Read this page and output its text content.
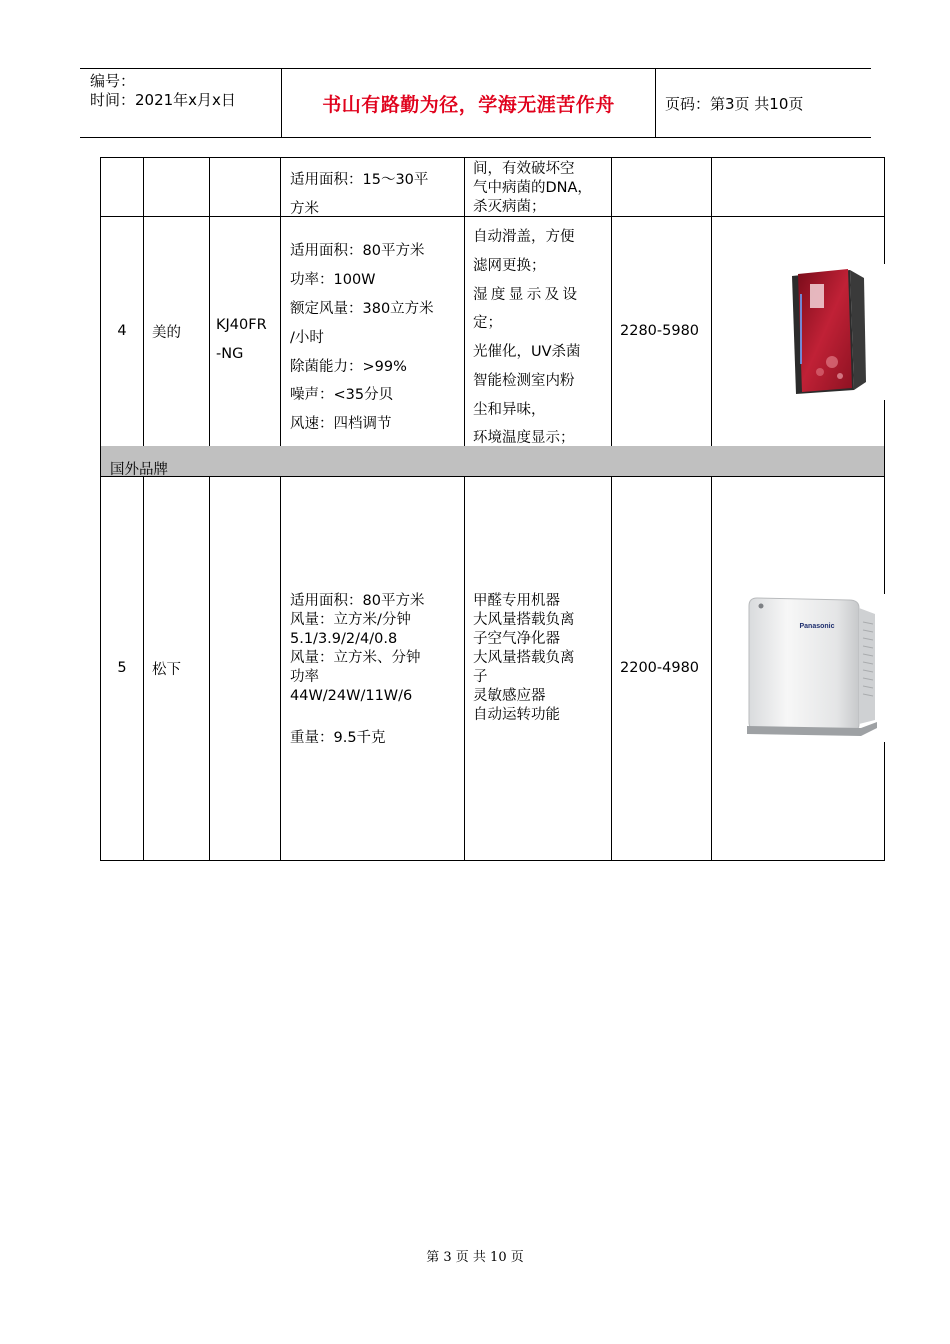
编号：
时间：2021年x月x日	书山有路勤为径，学海无涯苦作舟	页码：第3页 共10页
适用面积：15～30平
方米
间，有效破坏空
气中病菌的DNA，
杀灭病菌；
4 美的 KJ40FR
-NG
适用面积：80平方米
功率：100W
额定风量：380立方米
/小时
除菌能力：>99%
噪声：<35分贝
风速：四档调节
自动滑盖，方便
滤网更换；
湿度显示及设
定；
光催化，UV杀菌
智能检测室内粉
尘和异味，
环境温度显示；
2280-5980
国外品牌
5 松下
适用面积：80平方米
风量：立方米/分钟
5.1/3.9/2/4/0.8
风量：立方米、分钟
功率
44W/24W/11W/6
重量：9.5千克
甲醛专用机器
大风量搭载负离
子空气净化器
大风量搭载负离
子
灵敏感应器
自动运转功能
2200-4980
Panasonic
第 3 页 共 10 页
